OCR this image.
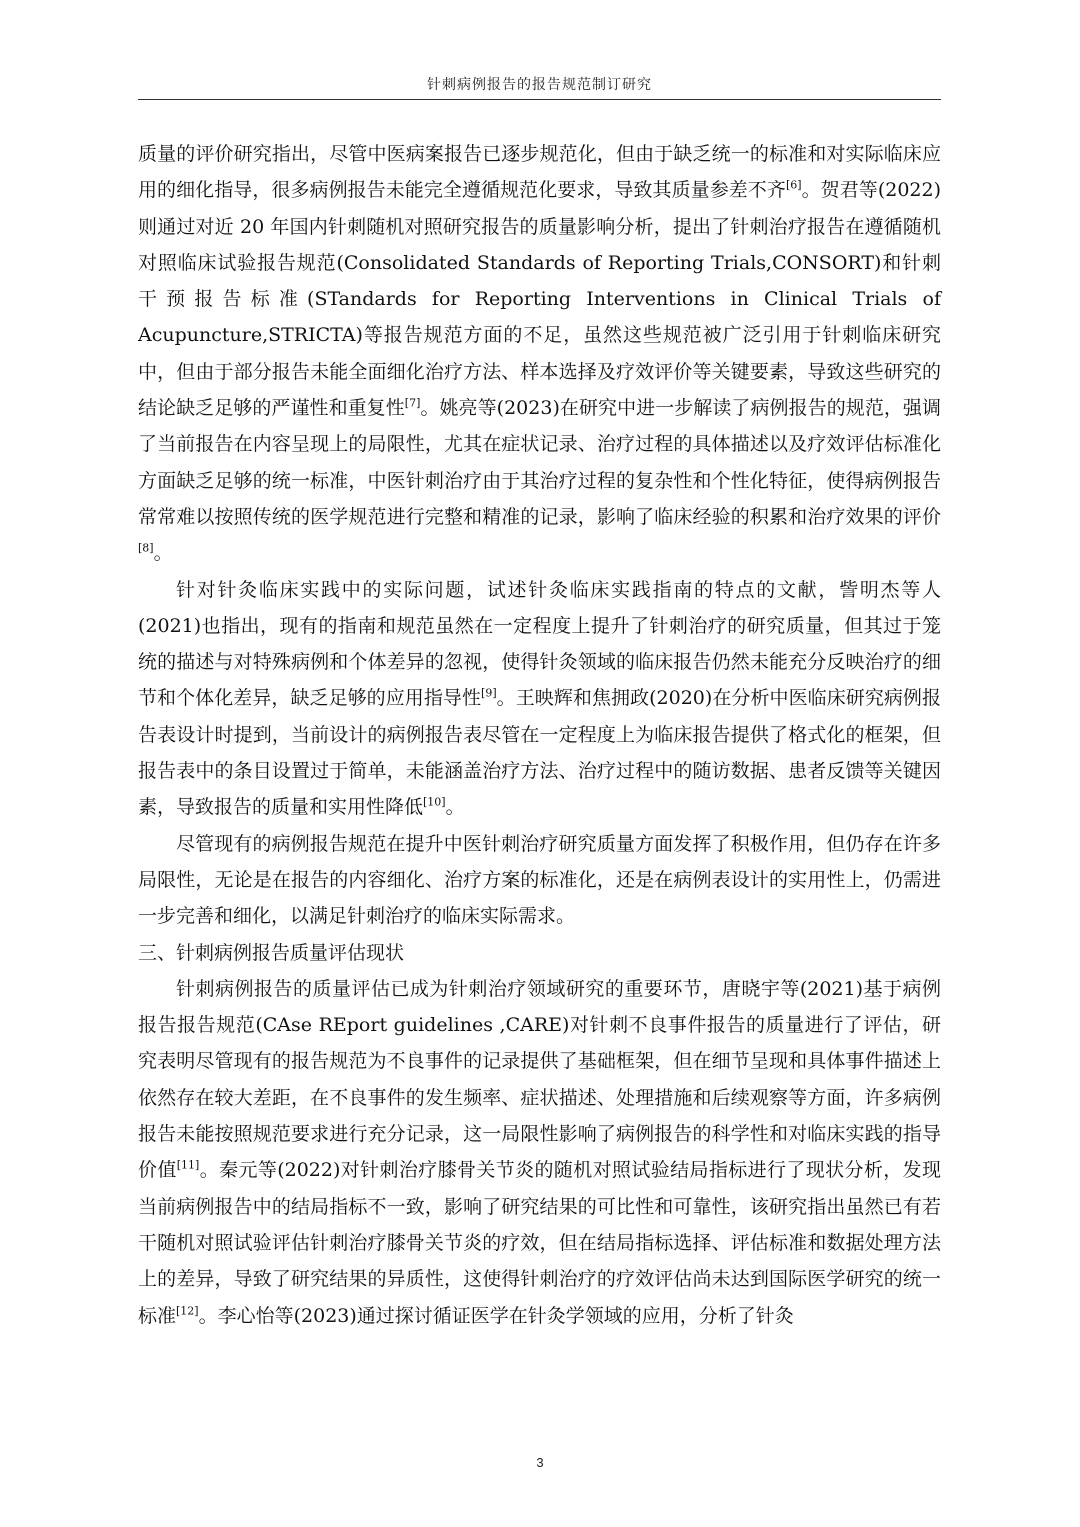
针刺病例报告的报告规范制订研究

质量的评价研究指出，尽管中医病案报告已逐步规范化，但由于缺乏统一的标准和对实际临床应用的细化指导，很多病例报告未能完全遵循规范化要求，导致其质量参差不齐[6]。贺君等(2022)则通过对近 20 年国内针刺随机对照研究报告的质量影响分析，提出了针刺治疗报告在遵循随机对照临床试验报告规范(Consolidated Standards of Reporting Trials,CONSORT)和针刺干预报告标准(STandards for Reporting Interventions in Clinical Trials of Acupuncture,STRICTA)等报告规范方面的不足，虽然这些规范被广泛引用于针刺临床研究中，但由于部分报告未能全面细化治疗方法、样本选择及疗效评价等关键要素，导致这些研究的结论缺乏足够的严谨性和重复性[7]。姚亮等(2023)在研究中进一步解读了病例报告的规范，强调了当前报告在内容呈现上的局限性，尤其在症状记录、治疗过程的具体描述以及疗效评估标准化方面缺乏足够的统一标准，中医针刺治疗由于其治疗过程的复杂性和个性化特征，使得病例报告常常难以按照传统的医学规范进行完整和精准的记录，影响了临床经验的积累和治疗效果的评价[8]。

针对针灸临床实践中的实际问题，试述针灸临床实践指南的特点的文献，訾明杰等人(2021)也指出，现有的指南和规范虽然在一定程度上提升了针刺治疗的研究质量，但其过于笼统的描述与对特殊病例和个体差异的忽视，使得针灸领域的临床报告仍然未能充分反映治疗的细节和个体化差异，缺乏足够的应用指导性[9]。王映辉和焦拥政(2020)在分析中医临床研究病例报告表设计时提到，当前设计的病例报告表尽管在一定程度上为临床报告提供了格式化的框架，但报告表中的条目设置过于简单，未能涵盖治疗方法、治疗过程中的随访数据、患者反馈等关键因素，导致报告的质量和实用性降低[10]。

尽管现有的病例报告规范在提升中医针刺治疗研究质量方面发挥了积极作用，但仍存在许多局限性，无论是在报告的内容细化、治疗方案的标准化，还是在病例表设计的实用性上，仍需进一步完善和细化，以满足针刺治疗的临床实际需求。

三、针刺病例报告质量评估现状

针刺病例报告的质量评估已成为针刺治疗领域研究的重要环节，唐晓宇等(2021)基于病例报告报告规范(CAse REport guidelines ,CARE)对针刺不良事件报告的质量进行了评估，研究表明尽管现有的报告规范为不良事件的记录提供了基础框架，但在细节呈现和具体事件描述上依然存在较大差距，在不良事件的发生频率、症状描述、处理措施和后续观察等方面，许多病例报告未能按照规范要求进行充分记录，这一局限性影响了病例报告的科学性和对临床实践的指导价值[11]。秦元等(2022)对针刺治疗膝骨关节炎的随机对照试验结局指标进行了现状分析，发现当前病例报告中的结局指标不一致，影响了研究结果的可比性和可靠性，该研究指出虽然已有若干随机对照试验评估针刺治疗膝骨关节炎的疗效，但在结局指标选择、评估标准和数据处理方法上的差异，导致了研究结果的异质性，这使得针刺治疗的疗效评估尚未达到国际医学研究的统一标准[12]。李心怡等(2023)通过探讨循证医学在针灸学领域的应用，分析了针灸

3
